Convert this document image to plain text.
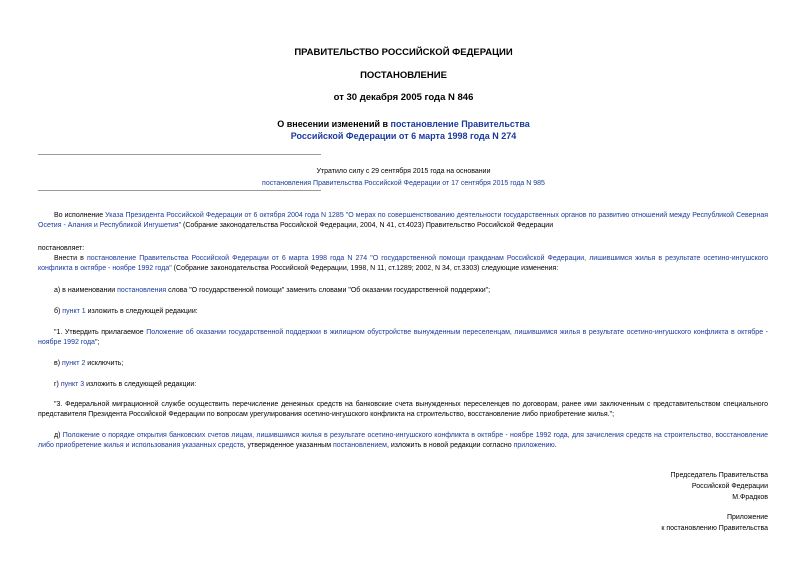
ПРАВИТЕЛЬСТВО РОССИЙСКОЙ ФЕДЕРАЦИИ
ПОСТАНОВЛЕНИЕ
от 30 декабря 2005 года N 846
О внесении изменений в постановление Правительства
Российской Федерации от 6 марта 1998 года N 274
Утратило силу с 29 сентября 2015 года на основании
постановления Правительства Российской Федерации от 17 сентября 2015 года N 985
Во исполнение Указа Президента Российской Федерации от 6 октября 2004 года N 1285 "О мерах по совершенствованию деятельности государственных органов по развитию отношений между Республикой Северная Осетия - Алания и Республикой Ингушетия" (Собрание законодательства Российской Федерации, 2004, N 41, ст.4023) Правительство Российской Федерации
постановляет:
Внести в постановление Правительства Российской Федерации от 6 марта 1998 года N 274 "О государственной помощи гражданам Российской Федерации, лишившимся жилья в результате осетино-ингушского конфликта в октябре - ноябре 1992 года" (Собрание законодательства Российской Федерации, 1998, N 11, ст.1289; 2002, N 34, ст.3303) следующие изменения:
а) в наименовании постановления слова "О государственной помощи" заменить словами "Об оказании государственной поддержки";
б) пункт 1 изложить в следующей редакции:
"1. Утвердить прилагаемое Положение об оказании государственной поддержки в жилищном обустройстве вынужденным переселенцам, лишившимся жилья в результате осетино-ингушского конфликта в октябре - ноябре 1992 года";
в) пункт 2 исключить;
г) пункт 3 изложить в следующей редакции:
"3. Федеральной миграционной службе осуществить перечисление денежных средств на банковские счета вынужденных переселенцев по договорам, ранее ими заключенным с представительством специального представителя Президента Российской Федерации по вопросам урегулирования осетино-ингушского конфликта на строительство, восстановление либо приобретение жилья.";
д) Положение о порядке открытия банковских счетов лицам, лишившимся жилья в результате осетино-ингушского конфликта в октябре - ноябре 1992 года, для зачисления средств на строительство, восстановление либо приобретение жилья и использования указанных средств, утвержденное указанным постановлением, изложить в новой редакции согласно приложению.
Председатель Правительства
Российской Федерации
М.Фрадков
Приложение
к постановлению Правительства
